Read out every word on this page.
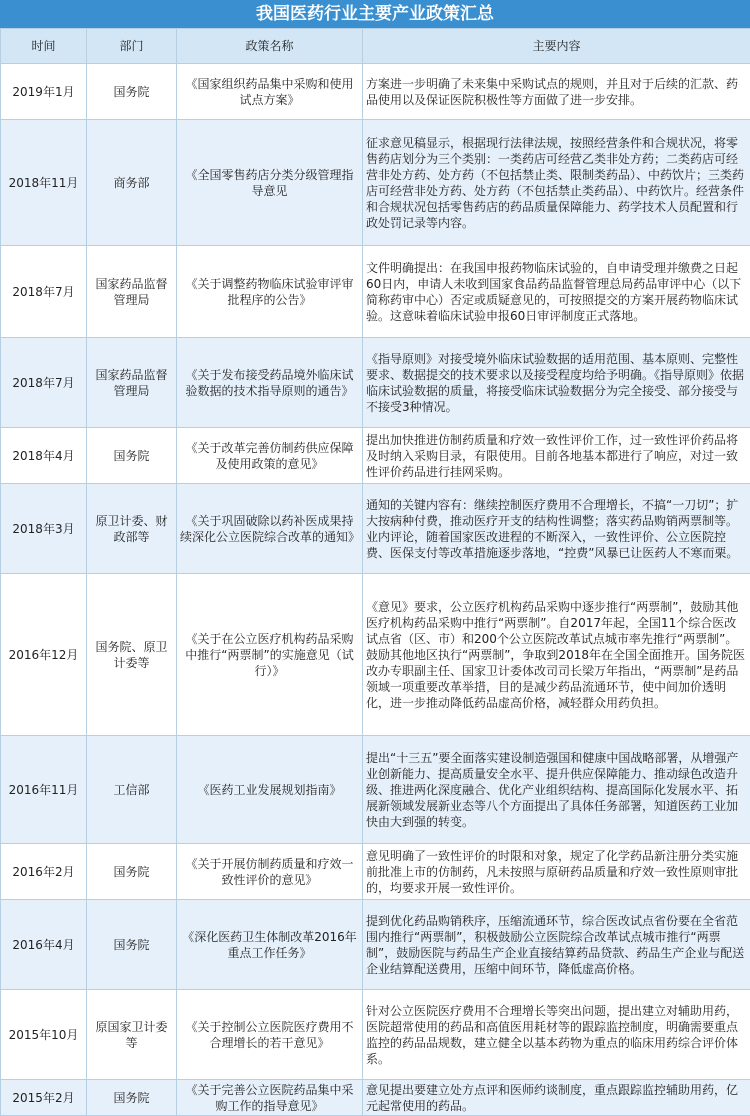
我国医药行业主要产业政策汇总
时间	部门	政策名称	主要内容
2019年1月	国务院	《国家组织药品集中采购和使用试点方案》	方案进一步明确了未来集中采购试点的规则，并且对于后续的汇款、药品使用以及保证医院积极性等方面做了进一步安排。
2018年11月	商务部	《全国零售药店分类分级管理指导意见	征求意见稿显示，根据现行法律法规，按照经营条件和合规状况，将零售药店划分为三个类别：一类药店可经营乙类非处方药；二类药店可经营非处方药、处方药（不包括禁止类、限制类药品）、中药饮片；三类药店可经营非处方药、处方药（不包括禁止类药品）、中药饮片。经营条件和合规状况包括零售药店的药品质量保障能力、药学技术人员配置和行政处罚记录等内容。
2018年7月	国家药品监督管理局	《关于调整药物临床试验审评审批程序的公告》	文件明确提出：在我国申报药物临床试验的，自申请受理并缴费之日起60日内，申请人未收到国家食品药品监督管理总局药品审评中心（以下简称药审中心）否定或质疑意见的，可按照提交的方案开展药物临床试验。这意味着临床试验申报60日审评制度正式落地。
2018年7月	国家药品监督管理局	《关于发布接受药品境外临床试验数据的技术指导原则的通告》	《指导原则》对接受境外临床试验数据的适用范围、基本原则、完整性要求、数据提交的技术要求以及接受程度均给予明确。《指导原则》依据临床试验数据的质量，将接受临床试验数据分为完全接受、部分接受与不接受3种情况。
2018年4月	国务院	《关于改革完善仿制药供应保障及使用政策的意见》	提出加快推进仿制药质量和疗效一致性评价工作，过一致性评价药品将及时纳入采购目录，有限使用。目前各地基本都进行了响应，对过一致性评价药品进行挂网采购。
2018年3月	原卫计委、财政部等	《关于巩固破除以药补医成果持续深化公立医院综合改革的通知》	通知的关键内容有：继续控制医疗费用不合理增长，不搞“一刀切”；扩大按病种付费，推动医疗开支的结构性调整；落实药品购销两票制等。业内评论，随着国家医改进程的不断深入，一致性评价、公立医院控费、医保支付等改革措施逐步落地，“控费”风暴已让医药人不寒而栗。
2016年12月	国务院、原卫计委等	《关于在公立医疗机构药品采购中推行“两票制”的实施意见（试行）》	《意见》要求，公立医疗机构药品采购中逐步推行“两票制”，鼓励其他医疗机构药品采购中推行“两票制”。自2017年起，全国11个综合医改试点省（区、市）和200个公立医院改革试点城市率先推行“两票制”。鼓励其他地区执行“两票制”，争取到2018年在全国全面推开。国务院医改办专职副主任、国家卫计委体改司司长梁万年指出，“两票制”是药品领域一项重要改革举措，目的是减少药品流通环节，使中间加价透明化，进一步推动降低药品虚高价格，减轻群众用药负担。
2016年11月	工信部	《医药工业发展规划指南》	提出“十三五”要全面落实建设制造强国和健康中国战略部署，从增强产业创新能力、提高质量安全水平、提升供应保障能力、推动绿色改造升级、推进两化深度融合、优化产业组织结构、提高国际化发展水平、拓展新领域发展新业态等八个方面提出了具体任务部署，知道医药工业加快由大到强的转变。
2016年2月	国务院	《关于开展仿制药质量和疗效一致性评价的意见》	意见明确了一致性评价的时限和对象，规定了化学药品新注册分类实施前批准上市的仿制药，凡未按照与原研药品质量和疗效一致性原则审批的，均要求开展一致性评价。
2016年4月	国务院	《深化医药卫生体制改革2016年重点工作任务》	提到优化药品购销秩序，压缩流通环节，综合医改试点省份要在全省范围内推行“两票制”，积极鼓励公立医院综合改革试点城市推行“两票制”，鼓励医院与药品生产企业直接结算药品贷款、药品生产企业与配送企业结算配送费用，压缩中间环节，降低虚高价格。
2015年10月	原国家卫计委等	《关于控制公立医院医疗费用不合理增长的若干意见》	针对公立医院医疗费用不合理增长等突出问题，提出建立对辅助用药，医院超常使用的药品和高值医用耗材等的跟踪监控制度，明确需要重点监控的药品品规数，建立健全以基本药物为重点的临床用药综合评价体系。
2015年2月	国务院	《关于完善公立医院药品集中采购工作的指导意见》	意见提出要建立处方点评和医师约谈制度，重点跟踪监控辅助用药，亿元起常使用的药品。
